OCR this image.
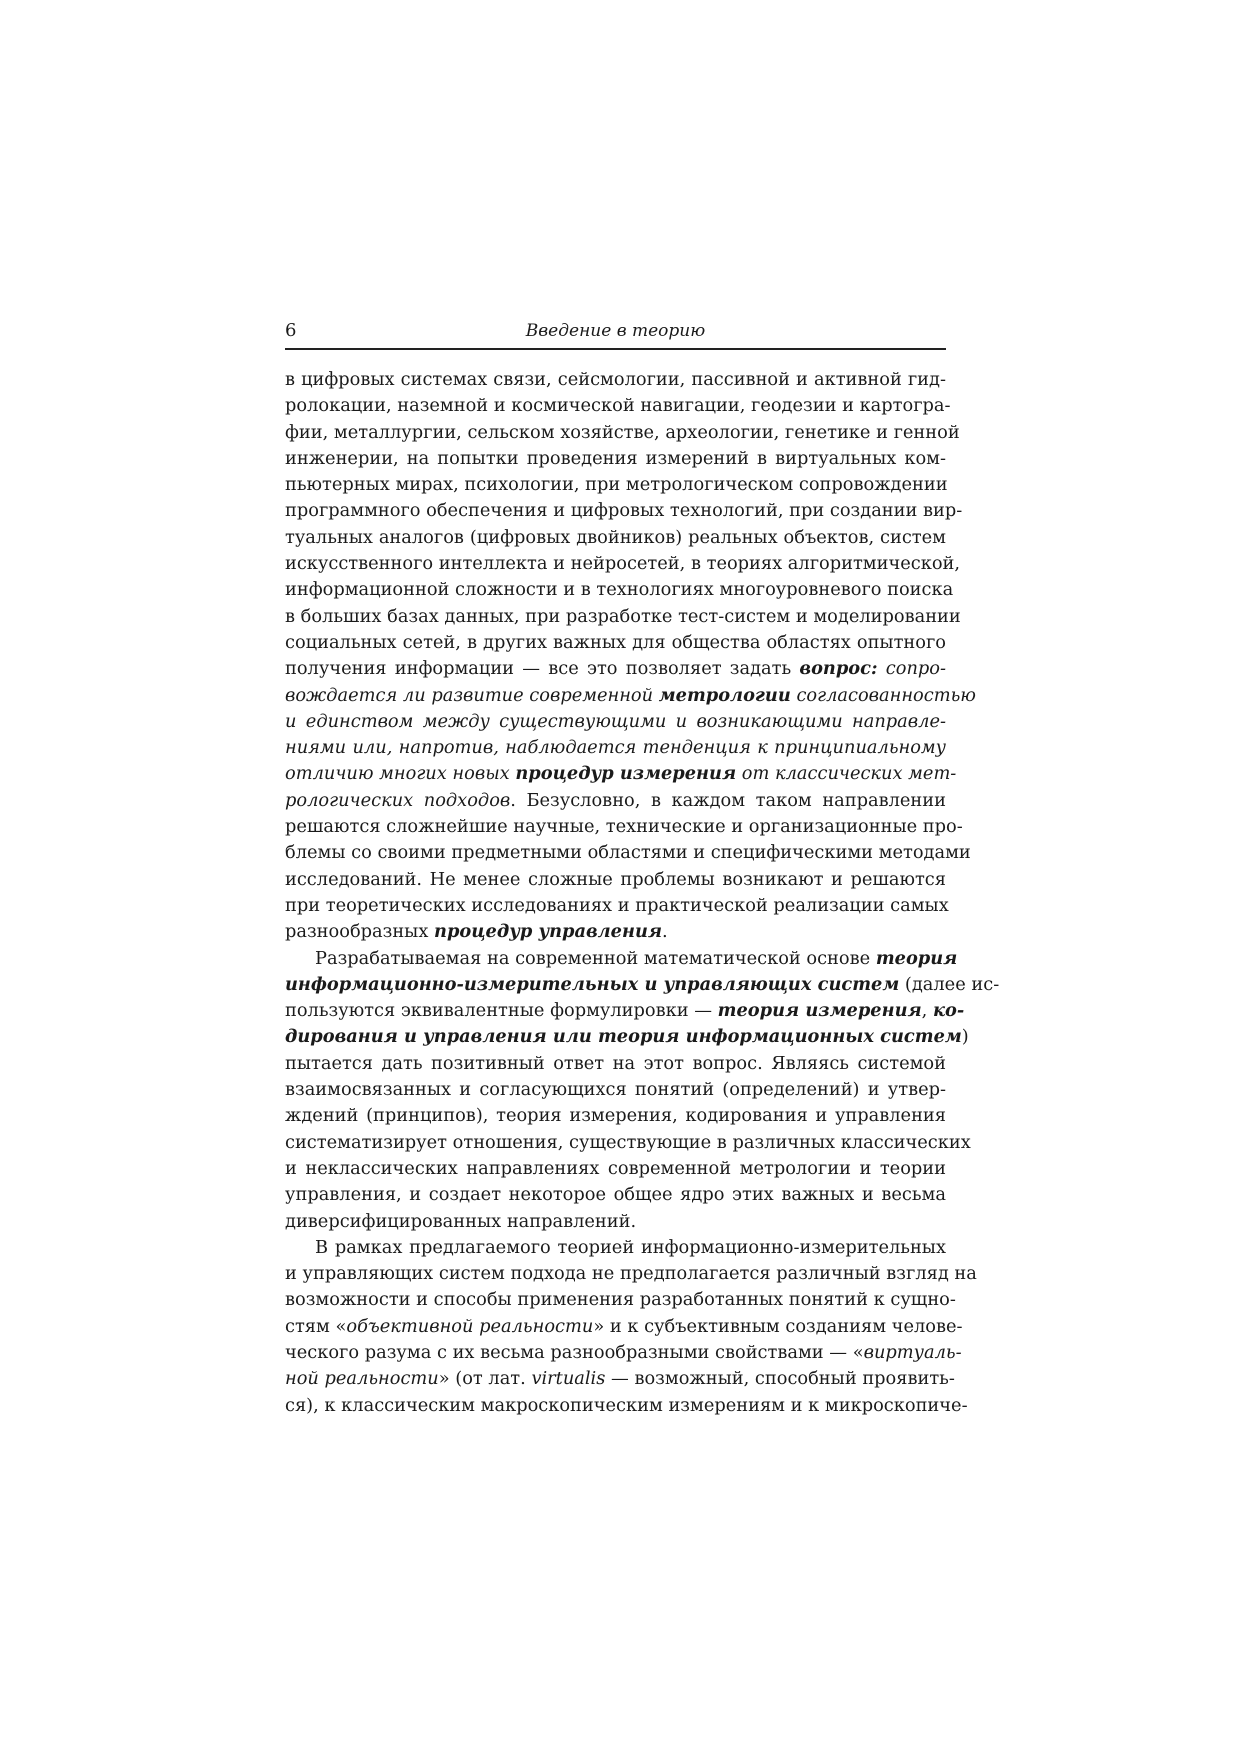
6	Введение в теорию
в цифровых системах связи, сейсмологии, пассивной и активной гид-
ролокации, наземной и космической навигации, геодезии и картогра-
фии, металлургии, сельском хозяйстве, археологии, генетике и генной
инженерии, на попытки проведения измерений в виртуальных ком-
пьютерных мирах, психологии, при метрологическом сопровождении
программного обеспечения и цифровых технологий, при создании вир-
туальных аналогов (цифровых двойников) реальных объектов, систем
искусственного интеллекта и нейросетей, в теориях алгоритмической,
информационной сложности и в технологиях многоуровневого поиска
в больших базах данных, при разработке тест-систем и моделировании
социальных сетей, в других важных для общества областях опытного
получения информации — все это позволяет задать вопрос: сопро-
вождается ли развитие современной метрологии согласованностью
и единством между существующими и возникающими направле-
ниями или, напротив, наблюдается тенденция к принципиальному
отличию многих новых процедур измерения от классических мет-
рологических подходов. Безусловно, в каждом таком направлении
решаются сложнейшие научные, технические и организационные про-
блемы со своими предметными областями и специфическими методами
исследований. Не менее сложные проблемы возникают и решаются
при теоретических исследованиях и практической реализации самых
разнообразных процедур управления.
Разрабатываемая на современной математической основе теория
информационно-измерительных и управляющих систем (далее ис-
пользуются эквивалентные формулировки — теория измерения, ко-
дирования и управления или теория информационных систем)
пытается дать позитивный ответ на этот вопрос. Являясь системой
взаимосвязанных и согласующихся понятий (определений) и утвер-
ждений (принципов), теория измерения, кодирования и управления
систематизирует отношения, существующие в различных классических
и неклассических направлениях современной метрологии и теории
управления, и создает некоторое общее ядро этих важных и весьма
диверсифицированных направлений.
В рамках предлагаемого теорией информационно-измерительных
и управляющих систем подхода не предполагается различный взгляд на
возможности и способы применения разработанных понятий к сущно-
стям «объективной реальности» и к субъективным созданиям челове-
ческого разума с их весьма разнообразными свойствами — «виртуаль-
ной реальности» (от лат. virtualis — возможный, способный проявить-
ся), к классическим макроскопическим измерениям и к микроскопиче-
